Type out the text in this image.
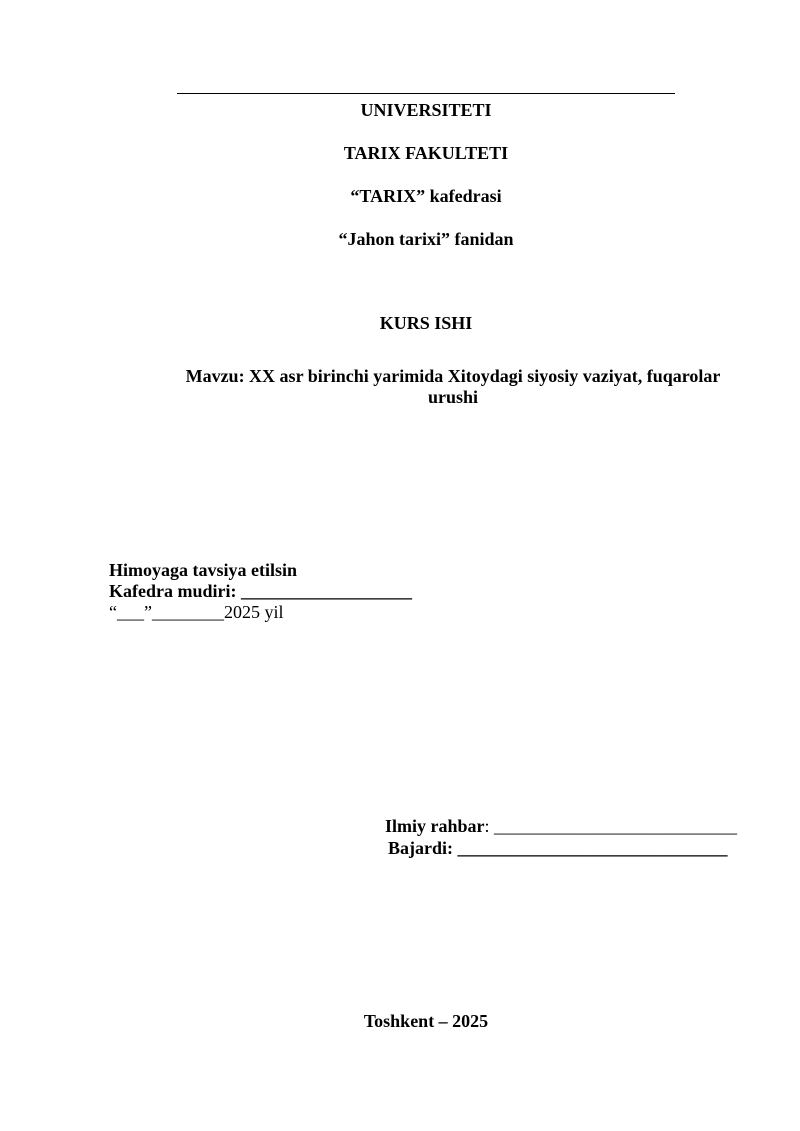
UNIVERSITETI
TARIX FAKULTETI
“TARIX” kafedrasi
“Jahon tarixi” fanidan
KURS ISHI
Mavzu: XX asr birinchi yarimida Xitoydagi siyosiy vaziyat, fuqarolar
urushi
Himoyaga tavsiya etilsin
Kafedra mudiri: ___________________
“___”________2025 yil
Ilmiy rahbar: ___________________________
Bajardi: ______________________________
Toshkent – 2025
